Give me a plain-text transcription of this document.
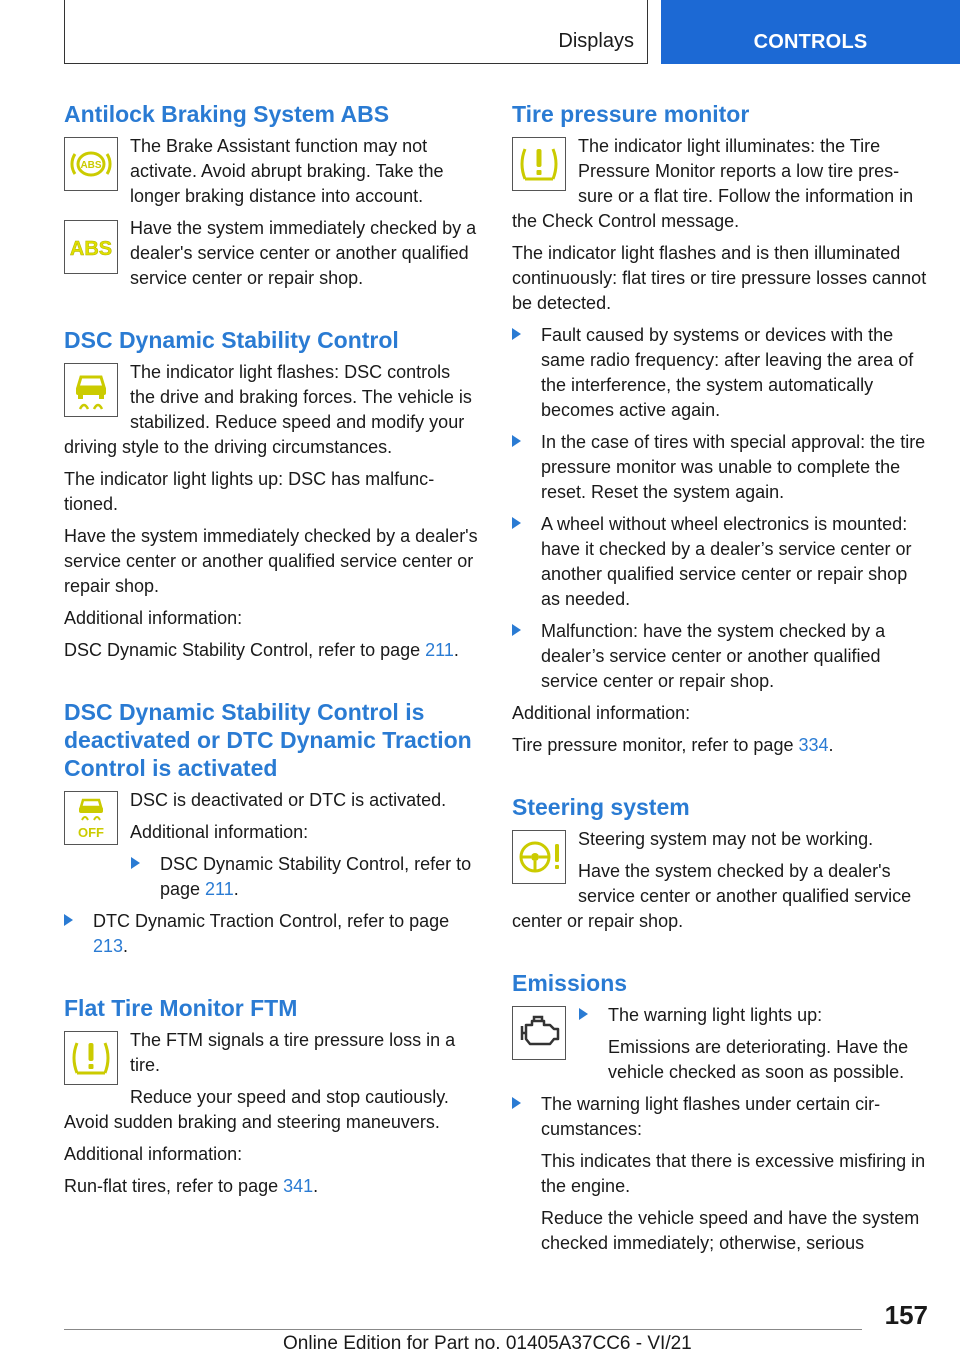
Displays	CONTROLS
Antilock Braking System ABS
ABS

The Brake Assistant function may not activate. Avoid abrupt braking. Take the longer braking distance into account.

ABS

Have the system immediately checked by a dealer's service center or another qualified service center or repair shop.

DSC Dynamic Stability Control

The indicator light flashes: DSC controls the drive and braking forces. The vehicle is stabilized. Reduce speed and modify your driving style to the driving circumstances.

The indicator light lights up: DSC has malfunctioned.

Have the system immediately checked by a dealer's service center or another qualified service center or repair shop.

Additional information:

DSC Dynamic Stability Control, refer to page 211.

DSC Dynamic Stability Control is deactivated or DTC Dynamic Traction Control is activated
OFF

DSC is deactivated or DTC is activated.

Additional information:

DSC Dynamic Stability Control, refer to page 211.
DTC Dynamic Traction Control, refer to page 213.
Flat Tire Monitor FTM

The FTM signals a tire pressure loss in a tire.

Reduce your speed and stop cautiously. Avoid sudden braking and steering maneuvers.

Additional information:

Run-flat tires, refer to page 341.

Tire pressure monitor

The indicator light illuminates: the Tire Pressure Monitor reports a low tire pressure or a flat tire. Follow the information in the Check Control message.

The indicator light flashes and is then illuminated continuously: flat tires or tire pressure losses cannot be detected.

Fault caused by systems or devices with the same radio frequency: after leaving the area of the interference, the system automatically becomes active again.
In the case of tires with special approval: the tire pressure monitor was unable to complete the reset. Reset the system again.
A wheel without wheel electronics is mounted: have it checked by a dealer’s service center or another qualified service center or repair shop as needed.
Malfunction: have the system checked by a dealer’s service center or another qualified service center or repair shop.

Additional information:

Tire pressure monitor, refer to page 334.

Steering system

Steering system may not be working.

Have the system checked by a dealer's service center or another qualified service center or repair shop.

Emissions
The warning light lights up:

Emissions are deteriorating. Have the vehicle checked as soon as possible.

The warning light flashes under certain circumstances:

This indicates that there is excessive misfiring in the engine.

Reduce the vehicle speed and have the system checked immediately; otherwise, serious

157
Online Edition for Part no. 01405A37CC6 - VI/21
